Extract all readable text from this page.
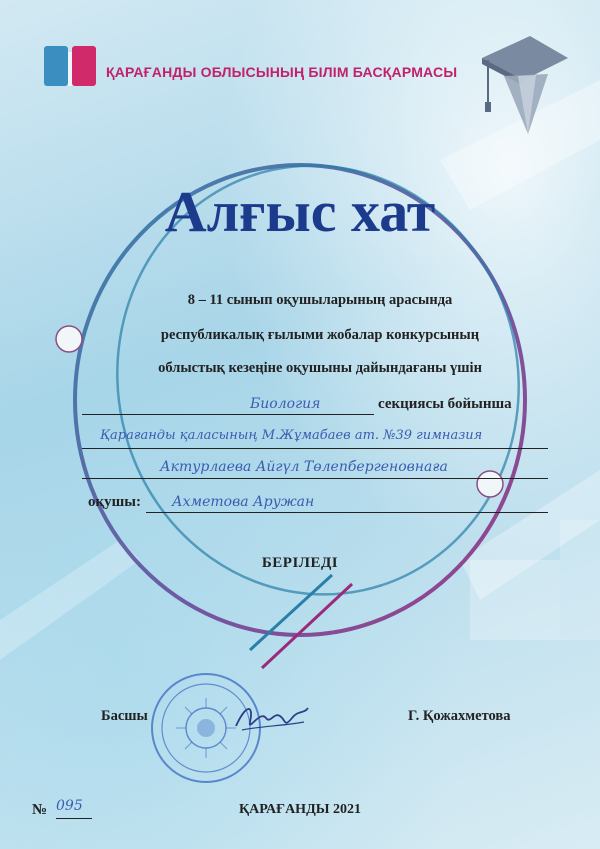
ҚАРАҒАНДЫ ОБЛЫСЫНЫҢ БІЛІМ БАСҚАРМАСЫ
Алғыс хат
8 – 11 сынып оқушыларының арасында
республикалық ғылыми жобалар конкурсының
облыстық кезеңіне оқушыны дайындағаны үшін
Биология	секциясы бойынша
Қарағанды қаласының М.Жұмабаев ат. №39 гимназия
Актурлаева Айгүл Төлепбергеновнаға
оқушы: Ахметова Аружан
БЕРІЛЕДІ
Басшы	Г. Қожахметова
№ 095	ҚАРАҒАНДЫ 2021
